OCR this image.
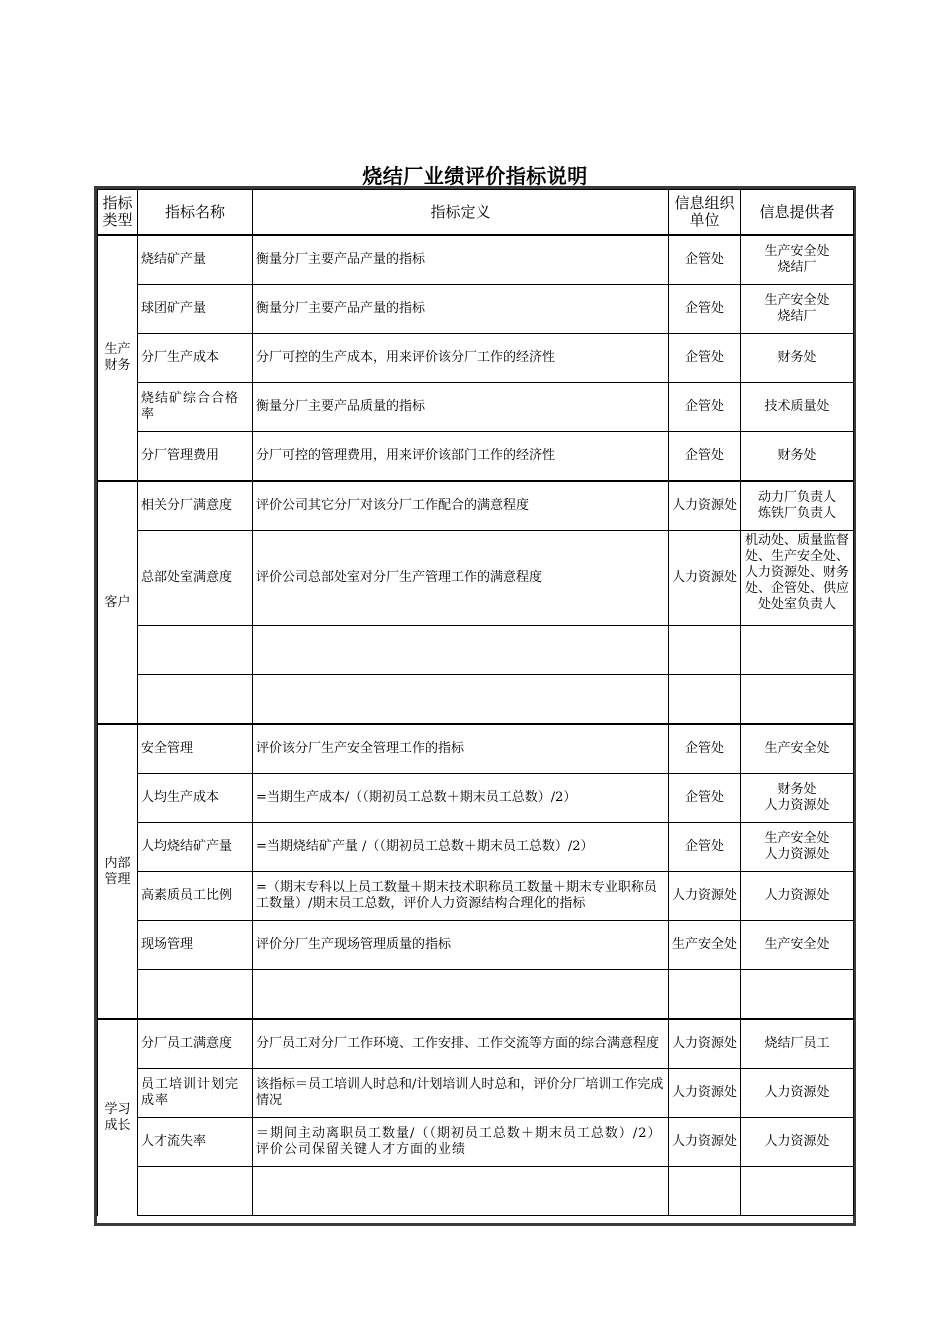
烧结厂业绩评价指标说明
指标类型	指标名称	指标定义	信息组织单位	信息提供者
生产财务	烧结矿产量	衡量分厂主要产品产量的指标	企管处	生产安全处
烧结厂
	球团矿产量	衡量分厂主要产品产量的指标	企管处	生产安全处
烧结厂
	分厂生产成本	分厂可控的生产成本，用来评价该分厂工作的经济性	企管处	财务处
	烧结矿综合合格率	衡量分厂主要产品质量的指标	企管处	技术质量处
	分厂管理费用	分厂可控的管理费用，用来评价该部门工作的经济性	企管处	财务处
客户	相关分厂满意度	评价公司其它分厂对该分厂工作配合的满意程度	人力资源处	动力厂负责人
炼铁厂负责人
	总部处室满意度	评价公司总部处室对分厂生产管理工作的满意程度	人力资源处	机动处、质量监督处、生产安全处、人力资源处、财务处、企管处、供应处处室负责人

内部管理	安全管理	评价该分厂生产安全管理工作的指标	企管处	生产安全处
	人均生产成本	=当期生产成本/（（期初员工总数＋期末员工总数）/2）	企管处	财务处
人力资源处
	人均烧结矿产量	=当期烧结矿产量 /（（期初员工总数＋期末员工总数）/2）	企管处	生产安全处
人力资源处
	高素质员工比例	=（期末专科以上员工数量＋期末技术职称员工数量＋期末专业职称员工数量）/期末员工总数，评价人力资源结构合理化的指标	人力资源处	人力资源处
	现场管理	评价分厂生产现场管理质量的指标	生产安全处	生产安全处

学习成长	分厂员工满意度	分厂员工对分厂工作环境、工作安排、工作交流等方面的综合满意程度	人力资源处	烧结厂员工
	员工培训计划完成率	该指标＝员工培训人时总和/计划培训人时总和，评价分厂培训工作完成情况	人力资源处	人力资源处
	人才流失率	＝期间主动离职员工数量/（（期初员工总数＋期末员工总数）/2）评价公司保留关键人才方面的业绩	人力资源处	人力资源处
